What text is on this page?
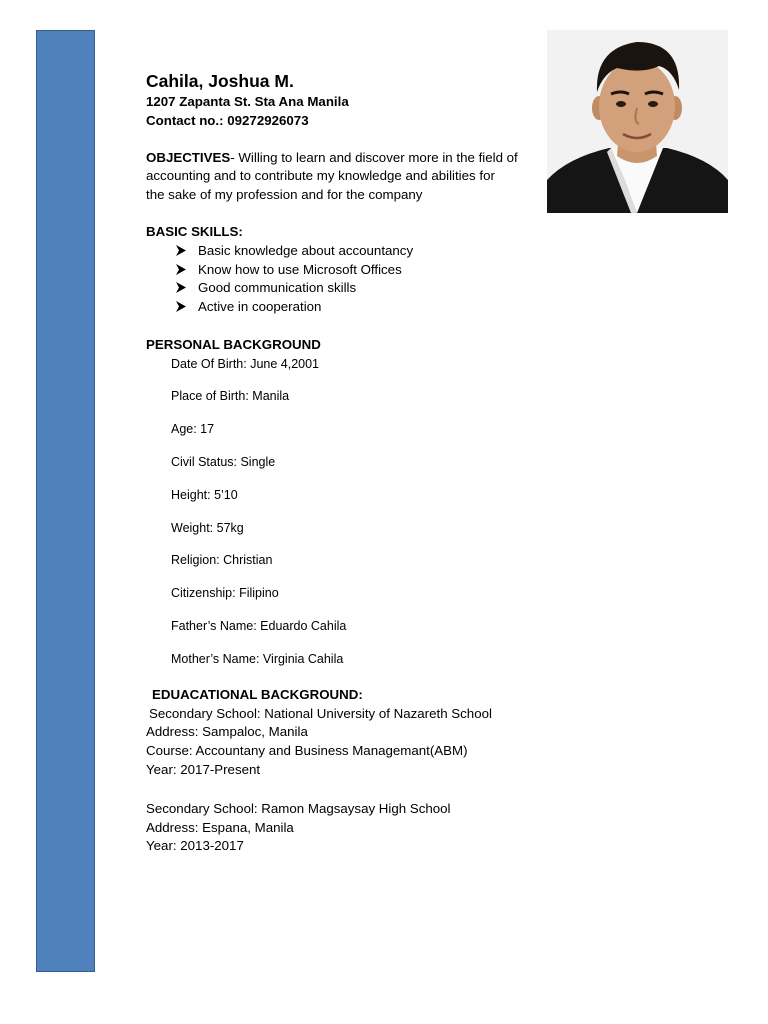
Cahila, Joshua M.
1207 Zapanta St. Sta Ana Manila
Contact no.: 09272926073
OBJECTIVES- Willing to learn and discover more in the field of
accounting and to contribute my knowledge and abilities for
the sake of my profession and for the company
BASIC SKILLS:
Basic knowledge about accountancy
Know how to use Microsoft Offices
Good communication skills
Active in cooperation
PERSONAL BACKGROUND
Date Of Birth: June 4,2001
Place of Birth: Manila
Age: 17
Civil Status: Single
Height: 5’10
Weight: 57kg
Religion: Christian
Citizenship: Filipino
Father’s Name: Eduardo Cahila
Mother’s Name: Virginia Cahila
EDUACATIONAL BACKGROUND:
Secondary School: National University of Nazareth School
Address: Sampaloc, Manila
Course: Accountany and Business Managemant(ABM)
Year: 2017-Present
Secondary School: Ramon Magsaysay High School
Address: Espana, Manila
Year: 2013-2017
